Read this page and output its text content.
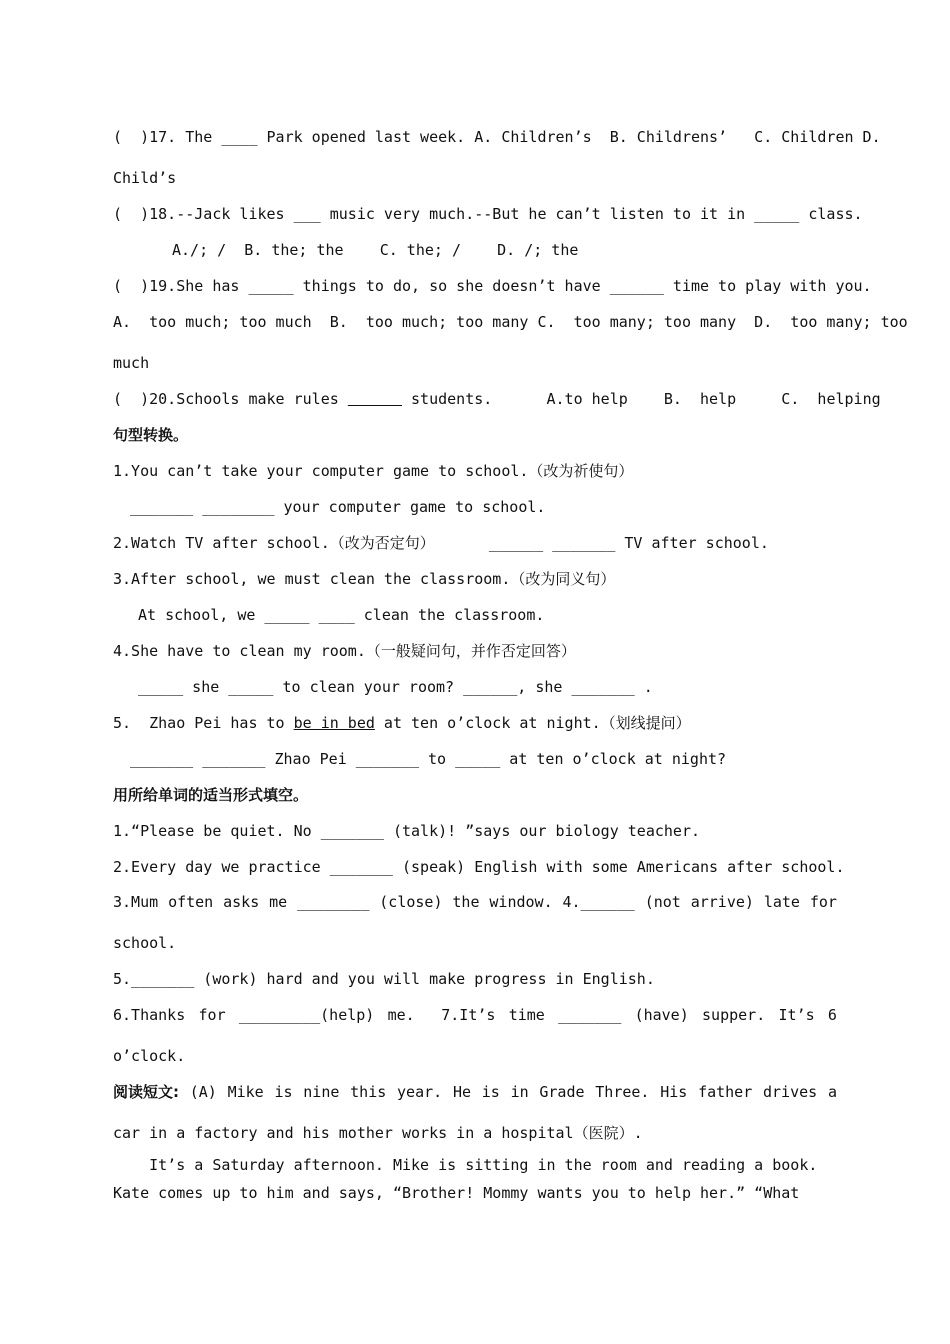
(  )17. The ____ Park opened last week. A. Children’s  B. Childrens’   C. Children D.
Child’s
(  )18.--Jack likes ___ music very much.--But he can’t listen to it in _____ class.
A./; /  B. the; the    C. the; /    D. /; the
(  )19.She has _____ things to do, so she doesn’t have ______ time to play with you.
A.  too much; too much  B.  too much; too many C.  too many; too many  D.  too many; too
much
(  )20.Schools make rules	students.      A.to help    B.  help     C.  helping
句型转换。
1.You can’t take your computer game to school.（改为祈使句）
_______ ________ your computer game to school.
2.Watch TV after school.（改为否定句）      ______ _______ TV after school.
3.After school, we must clean the classroom.（改为同义句）
At school, we _____ ____ clean the classroom.
4.She have to clean my room.（一般疑问句，并作否定回答）
_____ she _____ to clean your room? ______, she _______ .
5.  Zhao Pei has to be in bed at ten o’clock at night.（划线提问）
_______ _______ Zhao Pei _______ to _____ at ten o’clock at night?
用所给单词的适当形式填空。
1.“Please be quiet. No _______ (talk)! ”says our biology teacher.
2.Every day we practice _______ (speak) English with some Americans after school.
3.Mum often asks me ________ (close) the window. 4.______ (not arrive) late for
school.
5._______ (work) hard and you will make progress in English.
6.Thanks for _________(help) me. 7.It’s time _______ (have) supper. It’s 6
o’clock.
阅读短文: (A) Mike is nine this year. He is in Grade Three. His father drives a
car in a factory and his mother works in a hospital（医院）.
It’s a Saturday afternoon. Mike is sitting in the room and reading a book.
Kate comes up to him and says, “Brother! Mommy wants you to help her.” “What
